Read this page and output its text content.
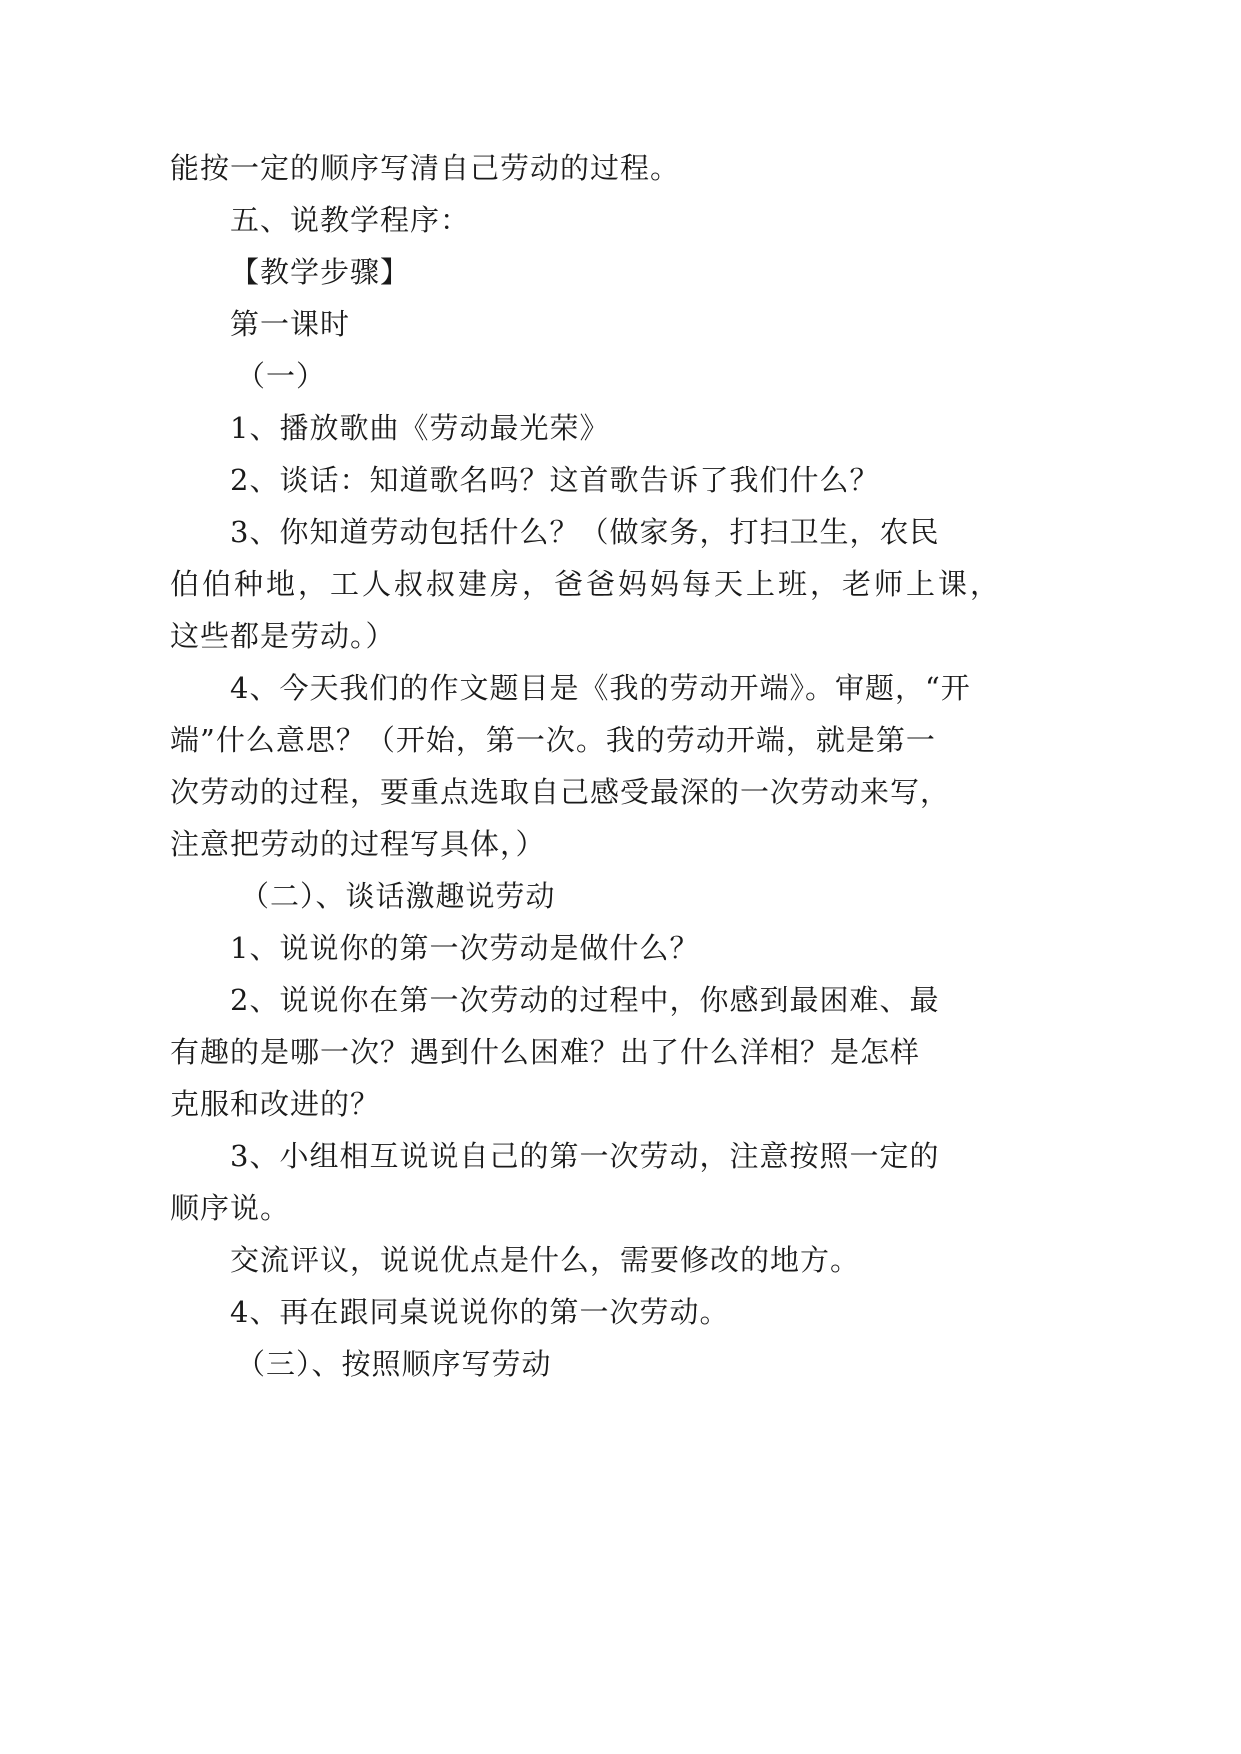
能按一定的顺序写清自己劳动的过程。
五、说教学程序：
【教学步骤】
第一课时
（一）
1、播放歌曲《劳动最光荣》
2、谈话：知道歌名吗？这首歌告诉了我们什么？
3、你知道劳动包括什么？（做家务，打扫卫生，农民
伯伯种地，工人叔叔建房，爸爸妈妈每天上班，老师上课，
这些都是劳动。）
4、今天我们的作文题目是《我的劳动开端》。审题，“开
端”什么意思？（开始，第一次。我的劳动开端，就是第一
次劳动的过程，要重点选取自己感受最深的一次劳动来写，
注意把劳动的过程写具体，）
（二）、谈话激趣说劳动
1、说说你的第一次劳动是做什么？
2、说说你在第一次劳动的过程中，你感到最困难、最
有趣的是哪一次？遇到什么困难？出了什么洋相？是怎样
克服和改进的？
3、小组相互说说自己的第一次劳动，注意按照一定的
顺序说。
交流评议，说说优点是什么，需要修改的地方。
4、再在跟同桌说说你的第一次劳动。
（三）、按照顺序写劳动
